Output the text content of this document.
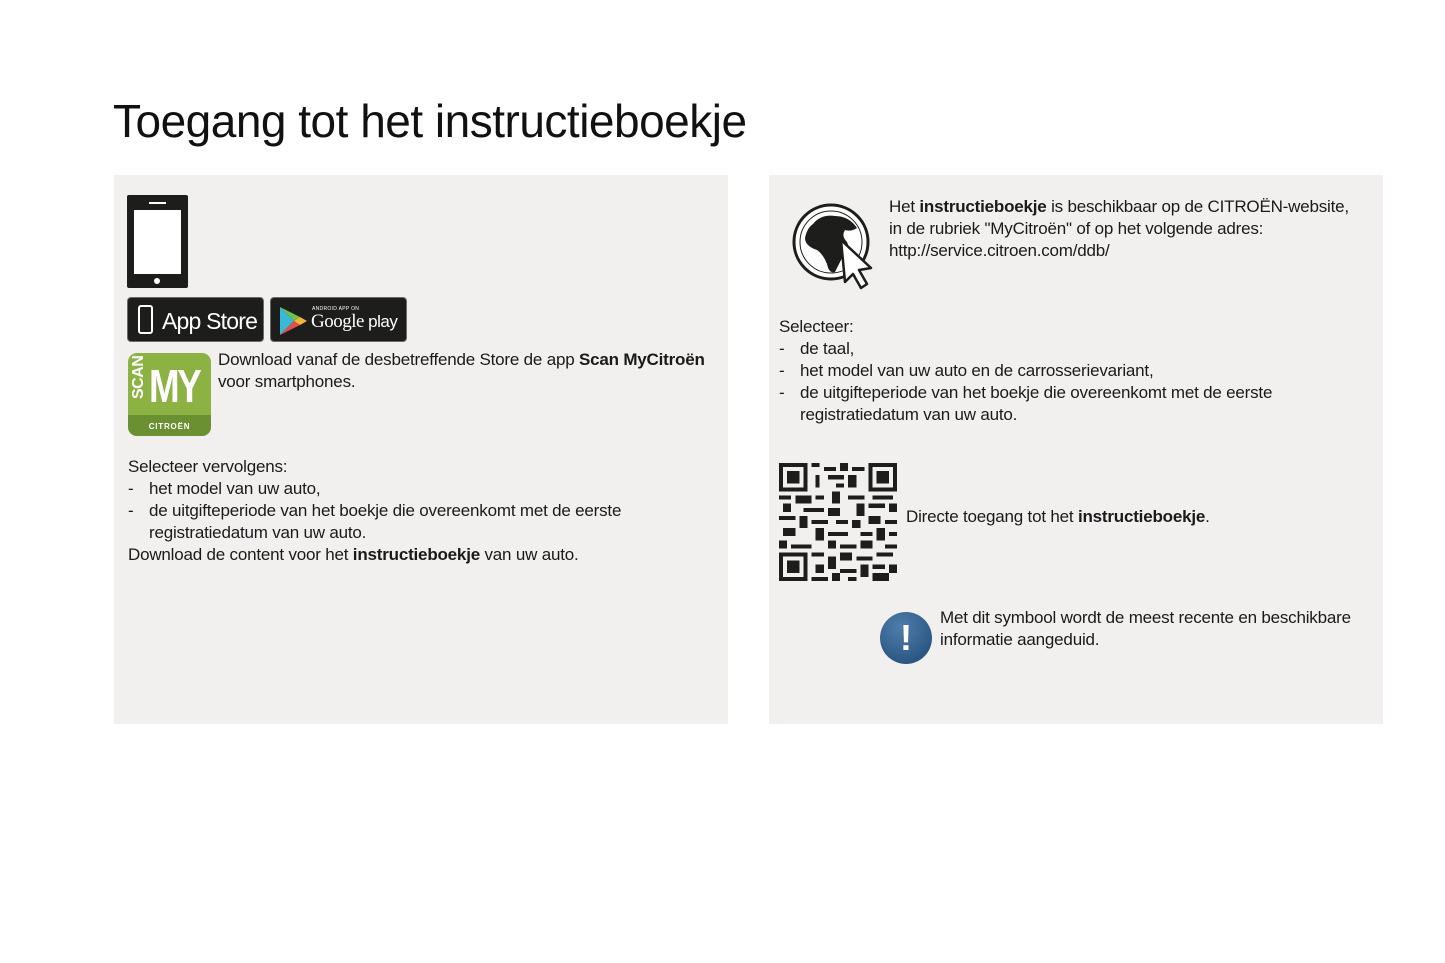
Toegang tot het instructieboekje
App Store	ANDROID APP ON
Google play
SCAN MY
CITROËN

Download vanaf de desbetreffende Store de app Scan MyCitroën
voor smartphones.

Selecteer vervolgens:

- het model van uw auto,
- de uitgifteperiode van het boekje die overeenkomt met de eerste registratiedatum van uw auto.

Download de content voor het instructieboekje van uw auto.

Het instructieboekje is beschikbaar op de CITROËN-website,

in de rubriek "MyCitroën" of op het volgende adres:

http://service.citroen.com/ddb/

Selecteer:

- de taal,
- het model van uw auto en de carrosserievariant,
- de uitgifteperiode van het boekje die overeenkomt met de eerste registratiedatum van uw auto.

Directe toegang tot het instructieboekje.

!	Met dit symbool wordt de meest recente en beschikbare informatie aangeduid.
